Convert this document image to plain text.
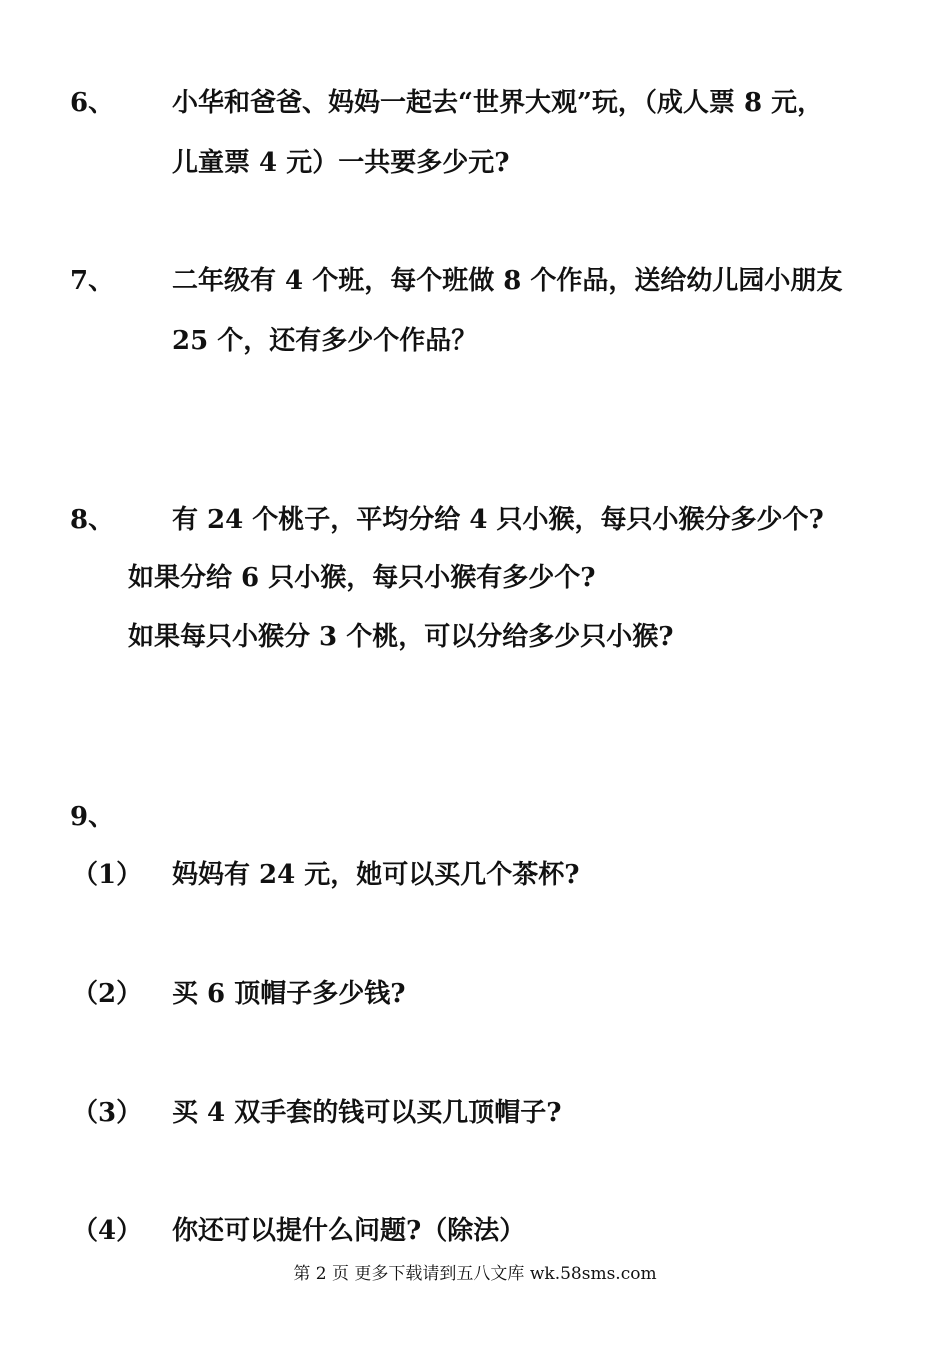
6、 小华和爸爸、妈妈一起去“世界大观”玩，（成人票 8 元，
儿童票 4 元）一共要多少元?
7、 二年级有 4 个班，每个班做 8 个作品，送给幼儿园小朋友
25 个，还有多少个作品？
8、 有 24 个桃子，平均分给 4 只小猴，每只小猴分多少个?
如果分给 6 只小猴，每只小猴有多少个?
如果每只小猴分 3 个桃，可以分给多少只小猴?
9、
（1） 妈妈有 24 元，她可以买几个茶杯?
（2） 买 6 顶帽子多少钱?
（3） 买 4 双手套的钱可以买几顶帽子?
（4） 你还可以提什么问题?（除法）
第 2 页 更多下载请到五八文库 wk.58sms.com
